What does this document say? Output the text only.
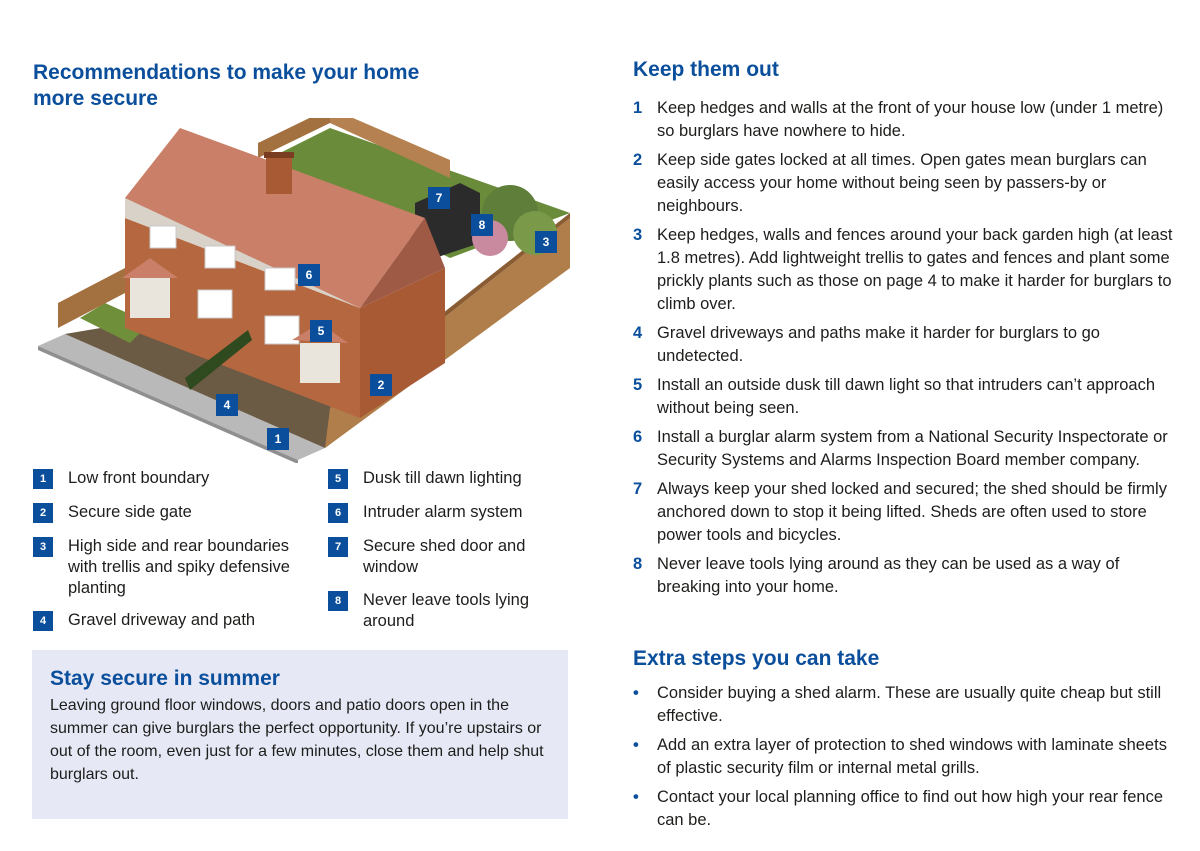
Recommendations to make your home
more secure
1
2
3
4
5
6
7
8
1	Low front boundary
2	Secure side gate
3	High side and rear boundaries with trellis and spiky defensive planting
4	Gravel driveway and path
5	Dusk till dawn lighting
6	Intruder alarm system
7	Secure shed door and window
8	Never leave tools lying around
Stay secure in summer
Leaving ground floor windows, doors and patio doors open in the summer can give burglars the perfect opportunity. If you’re upstairs or out of the room, even just for a few minutes, close them and help shut burglars out.
Keep them out
1 Keep hedges and walls at the front of your house low (under 1 metre) so burglars have nowhere to hide.
2 Keep side gates locked at all times. Open gates mean burglars can easily access your home without being seen by passers-by or neighbours.
3 Keep hedges, walls and fences around your back garden high (at least 1.8 metres). Add lightweight trellis to gates and fences and plant some prickly plants such as those on page 4 to make it harder for burglars to climb over.
4 Gravel driveways and paths make it harder for burglars to go undetected.
5 Install an outside dusk till dawn light so that intruders can’t approach without being seen.
6 Install a burglar alarm system from a National Security Inspectorate or Security Systems and Alarms Inspection Board member company.
7 Always keep your shed locked and secured; the shed should be firmly anchored down to stop it being lifted. Sheds are often used to store power tools and bicycles.
8 Never leave tools lying around as they can be used as a way of breaking into your home.
Extra steps you can take
•	Consider buying a shed alarm. These are usually quite cheap but still effective.
•	Add an extra layer of protection to shed windows with laminate sheets of plastic security film or internal metal grills.
•	Contact your local planning office to find out how high your rear fence can be.
